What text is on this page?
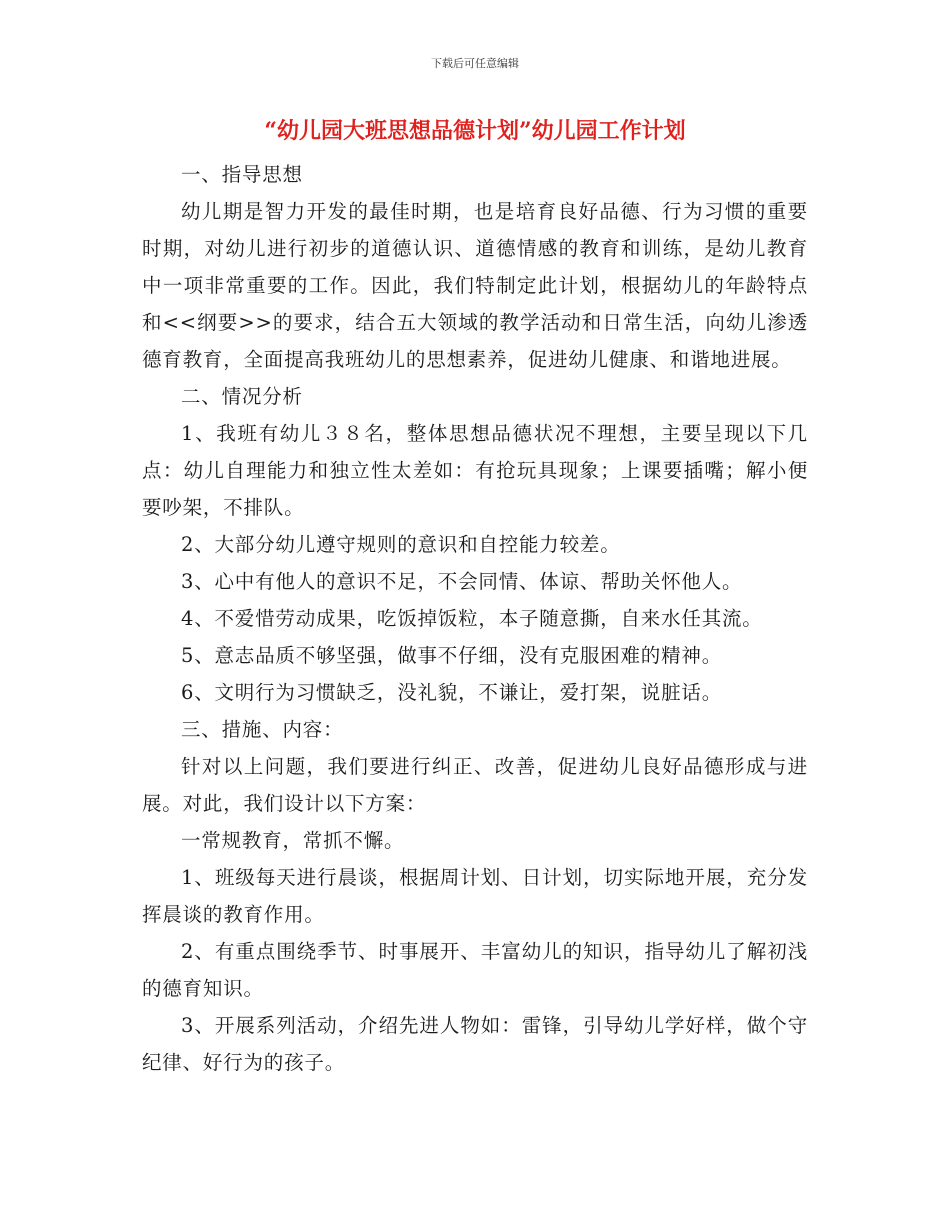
下载后可任意编辑
“幼儿园大班思想品德计划”幼儿园工作计划

一、指导思想

幼儿期是智力开发的最佳时期，也是培育良好品德、行为习惯的重要时期，对幼儿进行初步的道德认识、道德情感的教育和训练，是幼儿教育中一项非常重要的工作。因此，我们特制定此计划，根据幼儿的年龄特点和<<纲要>>的要求，结合五大领域的教学活动和日常生活，向幼儿渗透德育教育，全面提高我班幼儿的思想素养，促进幼儿健康、和谐地进展。

二、情况分析

1、我班有幼儿３８名，整体思想品德状况不理想，主要呈现以下几点：幼儿自理能力和独立性太差如：有抢玩具现象；上课要插嘴；解小便要吵架，不排队。

2、大部分幼儿遵守规则的意识和自控能力较差。

3、心中有他人的意识不足，不会同情、体谅、帮助关怀他人。

4、不爱惜劳动成果，吃饭掉饭粒，本子随意撕，自来水任其流。

5、意志品质不够坚强，做事不仔细，没有克服困难的精神。

6、文明行为习惯缺乏，没礼貌，不谦让，爱打架，说脏话。

三、措施、内容：

针对以上问题，我们要进行纠正、改善，促进幼儿良好品德形成与进展。对此，我们设计以下方案：

一常规教育，常抓不懈。

1、班级每天进行晨谈，根据周计划、日计划，切实际地开展，充分发挥晨谈的教育作用。

2、有重点围绕季节、时事展开、丰富幼儿的知识，指导幼儿了解初浅的德育知识。

3、开展系列活动，介绍先进人物如：雷锋，引导幼儿学好样，做个守纪律、好行为的孩子。
